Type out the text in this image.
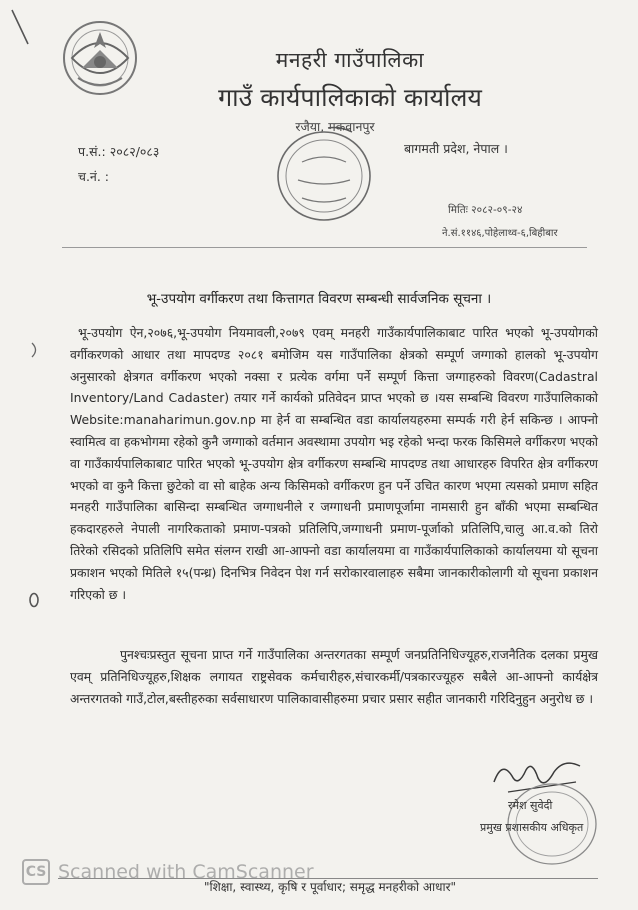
मनहरी गाउँपालिका
गाउँ कार्यपालिकाको कार्यालय
रजैया, मकवानपुर
प.सं.: २०८२/०८३
च.नं. :
बागमती प्रदेश, नेपाल ।
मितिः २०८२-०९-२४
ने.सं.११४६,पोहेलाथ्व-६,बिहीबार
भू-उपयोग वर्गीकरण तथा कित्तागत विवरण सम्बन्धी सार्वजनिक सूचना ।
भू-उपयोग ऐन,२०७६,भू-उपयोग नियमावली,२०७९ एवम् मनहरी गाउँकार्यपालिकाबाट पारित भएको भू-उपयोगको वर्गीकरणको आधार तथा मापदण्ड २०८१ बमोजिम यस गाउँपालिका क्षेत्रको सम्पूर्ण जग्गाको हालको भू-उपयोग अनुसारको क्षेत्रगत वर्गीकरण भएको नक्सा र प्रत्येक वर्गमा पर्ने सम्पूर्ण कित्ता जग्गाहरुको विवरण(Cadastral Inventory/Land Cadaster) तयार गर्ने कार्यको प्रतिवेदन प्राप्त भएको छ ।यस सम्बन्धि विवरण गाउँपालिकाको Website:manaharimun.gov.np मा हेर्न वा सम्बन्धित वडा कार्यालयहरुमा सम्पर्क गरी हेर्न सकिन्छ । आफ्नो स्वामित्व वा हकभोगमा रहेको कुनै जग्गाको वर्तमान अवस्थामा उपयोग भइ रहेको भन्दा फरक किसिमले वर्गीकरण भएको वा गाउँकार्यपालिकाबाट पारित भएको भू-उपयोग क्षेत्र वर्गीकरण सम्बन्धि मापदण्ड तथा आधारहरु विपरित क्षेत्र वर्गीकरण भएको वा कुनै कित्ता छुटेको वा सो बाहेक अन्य किसिमको वर्गीकरण हुन पर्ने उचित कारण भएमा त्यसको प्रमाण सहित मनहरी गाउँपालिका बासिन्दा सम्बन्धित जग्गाधनीले र जग्गाधनी प्रमाणपूर्जामा नामसारी हुन बाँकी भएमा सम्बन्धित हकदारहरुले नेपाली नागरिकताको प्रमाण-पत्रको प्रतिलिपि,जग्गाधनी प्रमाण-पूर्जाको प्रतिलिपि,चालु आ.व.को तिरो तिरेको रसिदको प्रतिलिपि समेत संलग्न राखी आ-आफ्नो वडा कार्यालयमा वा गाउँकार्यपालिकाको कार्यालयमा यो सूचना प्रकाशन भएको मितिले १५(पन्ध्र) दिनभित्र निवेदन पेश गर्न सरोकारवालाहरु सबैमा जानकारीकोलागी यो सूचना प्रकाशन गरिएको छ ।
पुनश्चःप्रस्तुत सूचना प्राप्त गर्ने गाउँपालिका अन्तरगतका सम्पूर्ण जनप्रतिनिधिज्यूहरु,राजनैतिक दलका प्रमुख एवम् प्रतिनिधिज्यूहरु,शिक्षक लगायत राष्ट्रसेवक कर्मचारीहरु,संचारकर्मी/पत्रकारज्यूहरु सबैले आ-आफ्नो कार्यक्षेत्र अन्तरगतको गाउँ,टोल,बस्तीहरुका सर्वसाधारण पालिकावासीहरुमा प्रचार प्रसार सहीत जानकारी गरिदिनुहुन अनुरोध छ ।
रमेश सुवेदी
प्रमुख प्रशासकीय अधिकृत
"शिक्षा, स्वास्थ्य, कृषि र पूर्वाधार; समृद्ध मनहरीको आधार"
CS Scanned with CamScanner
